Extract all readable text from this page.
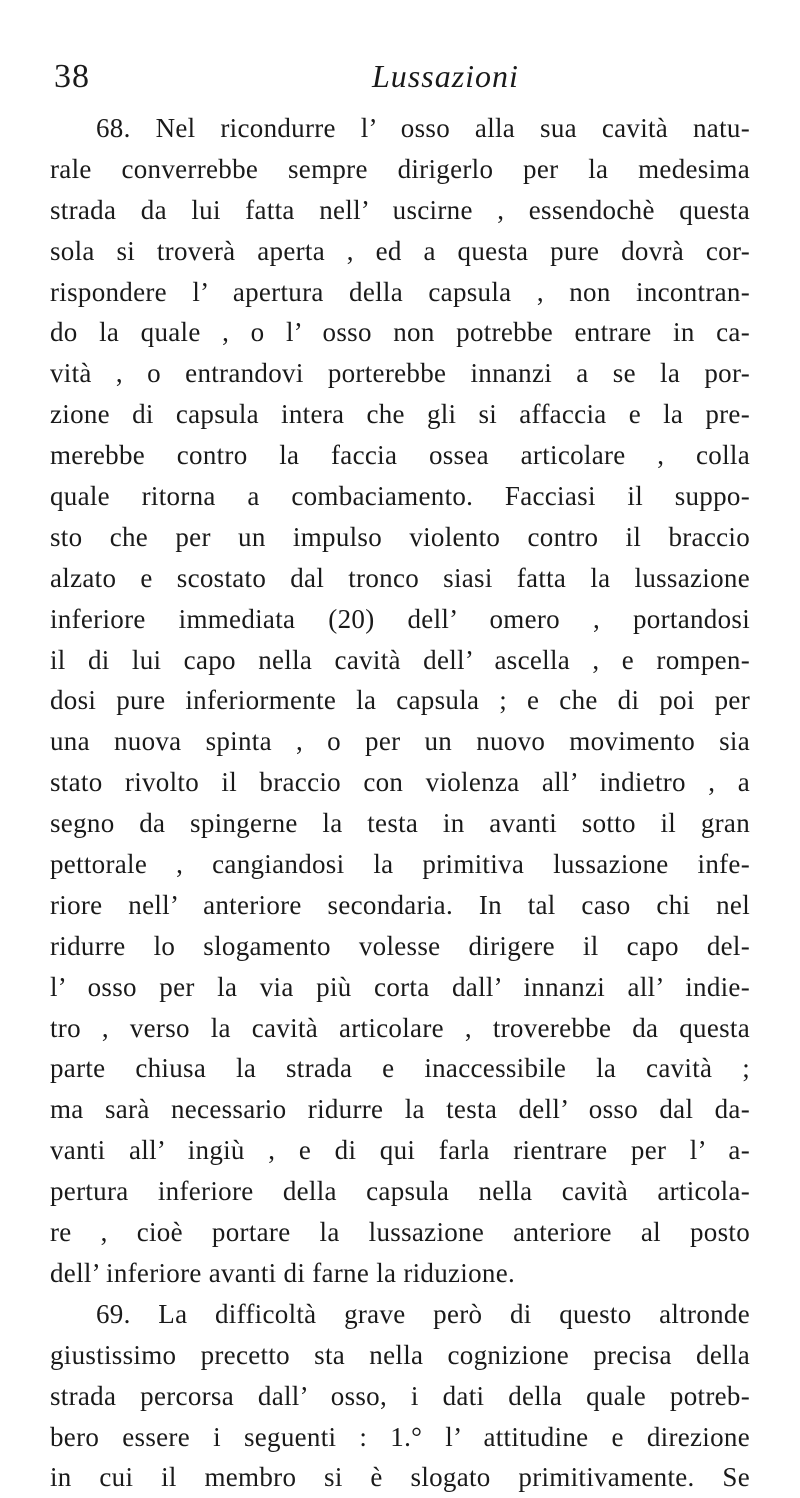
38	Lussazioni
68. Nel ricondurre l’ osso alla sua cavità natu-
rale converrebbe sempre dirigerlo per la medesima
strada da lui fatta nell’ uscirne , essendochè questa
sola si troverà aperta , ed a questa pure dovrà cor-
rispondere l’ apertura della capsula , non incontran-
do la quale , o l’ osso non potrebbe entrare in ca-
vità , o entrandovi porterebbe innanzi a se la por-
zione di capsula intera che gli si affaccia e la pre-
merebbe contro la faccia ossea articolare , colla
quale ritorna a combaciamento. Facciasi il suppo-
sto che per un impulso violento contro il braccio
alzato e scostato dal tronco siasi fatta la lussazione
inferiore immediata (20) dell’ omero , portandosi
il di lui capo nella cavità dell’ ascella , e rompen-
dosi pure inferiormente la capsula ; e che di poi per
una nuova spinta , o per un nuovo movimento sia
stato rivolto il braccio con violenza all’ indietro , a
segno da spingerne la testa in avanti sotto il gran
pettorale , cangiandosi la primitiva lussazione infe-
riore nell’ anteriore secondaria. In tal caso chi nel
ridurre lo slogamento volesse dirigere il capo del-
l’ osso per la via più corta dall’ innanzi all’ indie-
tro , verso la cavità articolare , troverebbe da questa
parte chiusa la strada e inaccessibile la cavità ;
ma sarà necessario ridurre la testa dell’ osso dal da-
vanti all’ ingiù , e di qui farla rientrare per l’ a-
pertura inferiore della capsula nella cavità articola-
re , cioè portare la lussazione anteriore al posto
dell’ inferiore avanti di farne la riduzione.
69. La difficoltà grave però di questo altronde
giustissimo precetto sta nella cognizione precisa della
strada percorsa dall’ osso, i dati della quale potreb-
bero essere i seguenti : 1.° l’ attitudine e direzione
in cui il membro si è slogato primitivamente. Se
